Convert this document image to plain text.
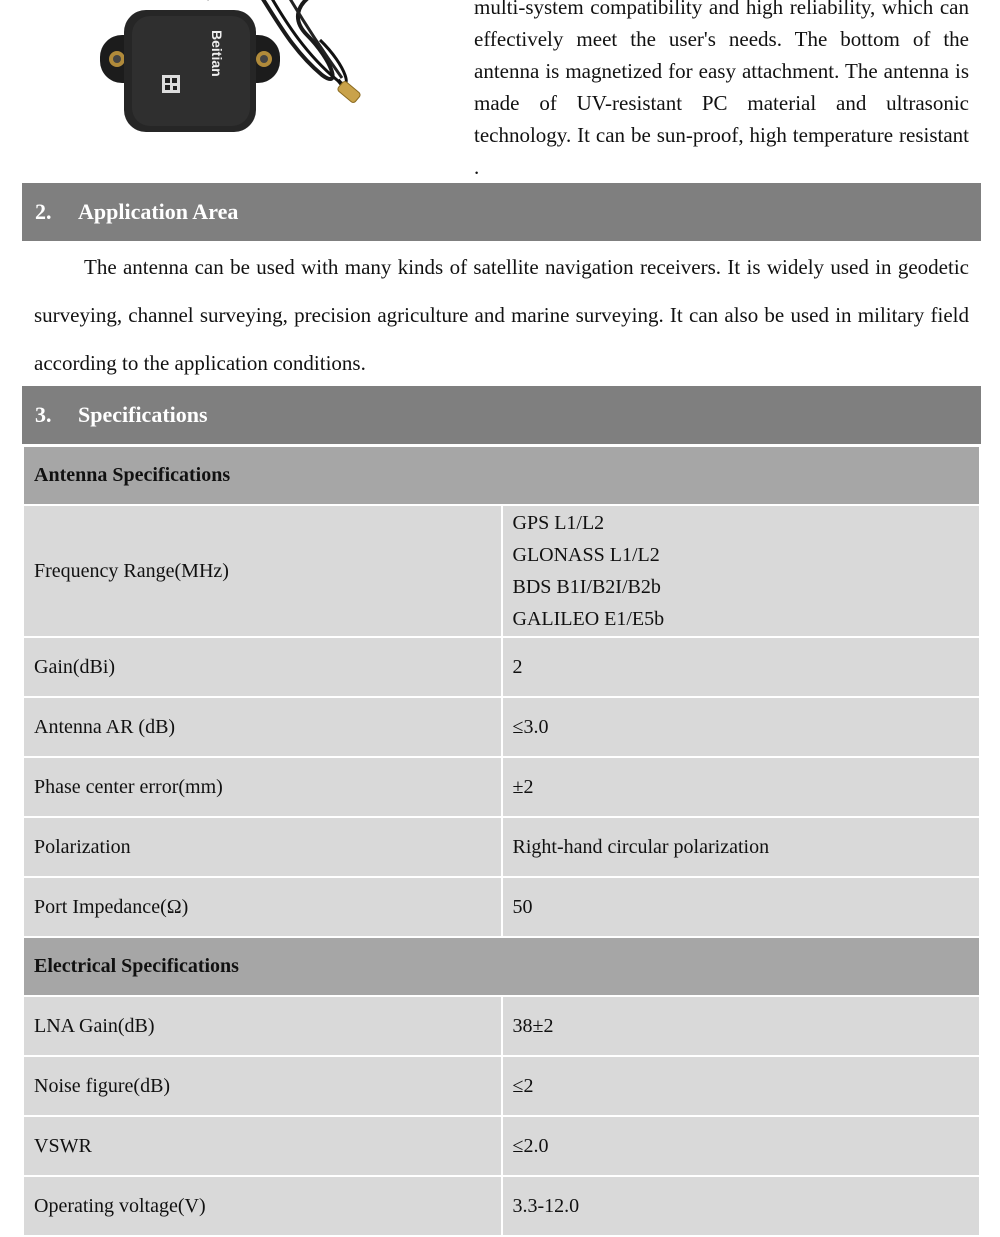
Beitian

multi-system compatibility and high reliability, which can effectively meet the user's needs. The bottom of the antenna is magnetized for easy attachment. The antenna is made of UV-resistant PC material and ultrasonic technology. It can be sun-proof, high temperature resistant .

2.	Application Area

The antenna can be used with many kinds of satellite navigation receivers. It is widely used in geodetic surveying, channel surveying, precision agriculture and marine surveying. It can also be used in military field according to the application conditions.

3.	Specifications
Antenna Specifications	
Frequency Range(MHz)	GPS L1/L2
GLONASS L1/L2
BDS B1I/B2I/B2b
GALILEO E1/E5b

Gain(dBi)	2
Antenna AR (dB)	≤3.0
Phase center error(mm)	±2
Polarization	Right-hand circular polarization
Port Impedance(Ω)	50
Electrical Specifications	
LNA Gain(dB)	38±2
Noise figure(dB)	≤2
VSWR	≤2.0
Operating voltage(V)	3.3-12.0
